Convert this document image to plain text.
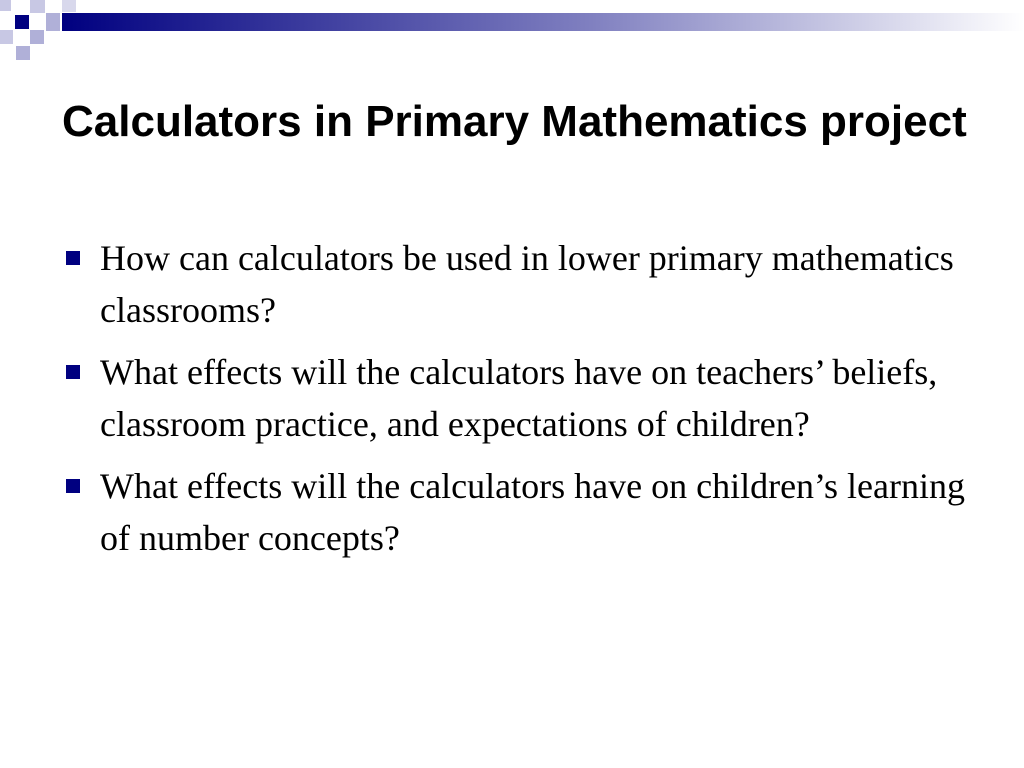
Calculators in Primary Mathematics project
How can calculators be used in lower primary mathematics classrooms?
What effects will the calculators have on teachers’ beliefs, classroom practice, and expectations of children?
What effects will the calculators have on children’s learning of number concepts?
